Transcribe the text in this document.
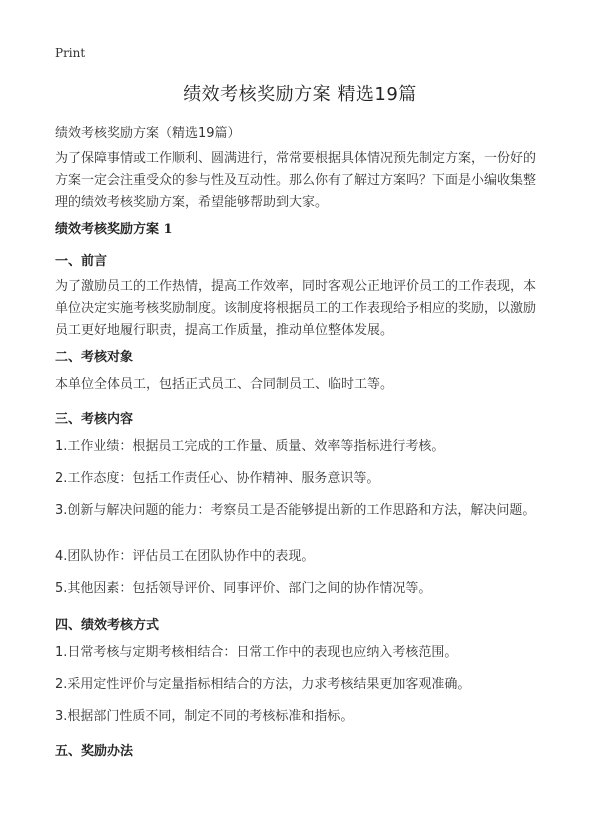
Print
绩效考核奖励方案 精选19篇
绩效考核奖励方案（精选19篇）

为了保障事情或工作顺利、圆满进行，常常要根据具体情况预先制定方案，一份好的方案一定会注重受众的参与性及互动性。那么你有了解过方案吗？下面是小编收集整理的绩效考核奖励方案，希望能够帮助到大家。

绩效考核奖励方案 1
一、前言

为了激励员工的工作热情，提高工作效率，同时客观公正地评价员工的工作表现，本单位决定实施考核奖励制度。该制度将根据员工的工作表现给予相应的奖励，以激励员工更好地履行职责，提高工作质量，推动单位整体发展。

二、考核对象

本单位全体员工，包括正式员工、合同制员工、临时工等。

三、考核内容

1.工作业绩：根据员工完成的工作量、质量、效率等指标进行考核。

2.工作态度：包括工作责任心、协作精神、服务意识等。

3.创新与解决问题的能力：考察员工是否能够提出新的工作思路和方法，解决问题。

4.团队协作：评估员工在团队协作中的表现。

5.其他因素：包括领导评价、同事评价、部门之间的协作情况等。

四、绩效考核方式

1.日常考核与定期考核相结合：日常工作中的表现也应纳入考核范围。

2.采用定性评价与定量指标相结合的方法，力求考核结果更加客观准确。

3.根据部门性质不同，制定不同的考核标准和指标。

五、奖励办法
